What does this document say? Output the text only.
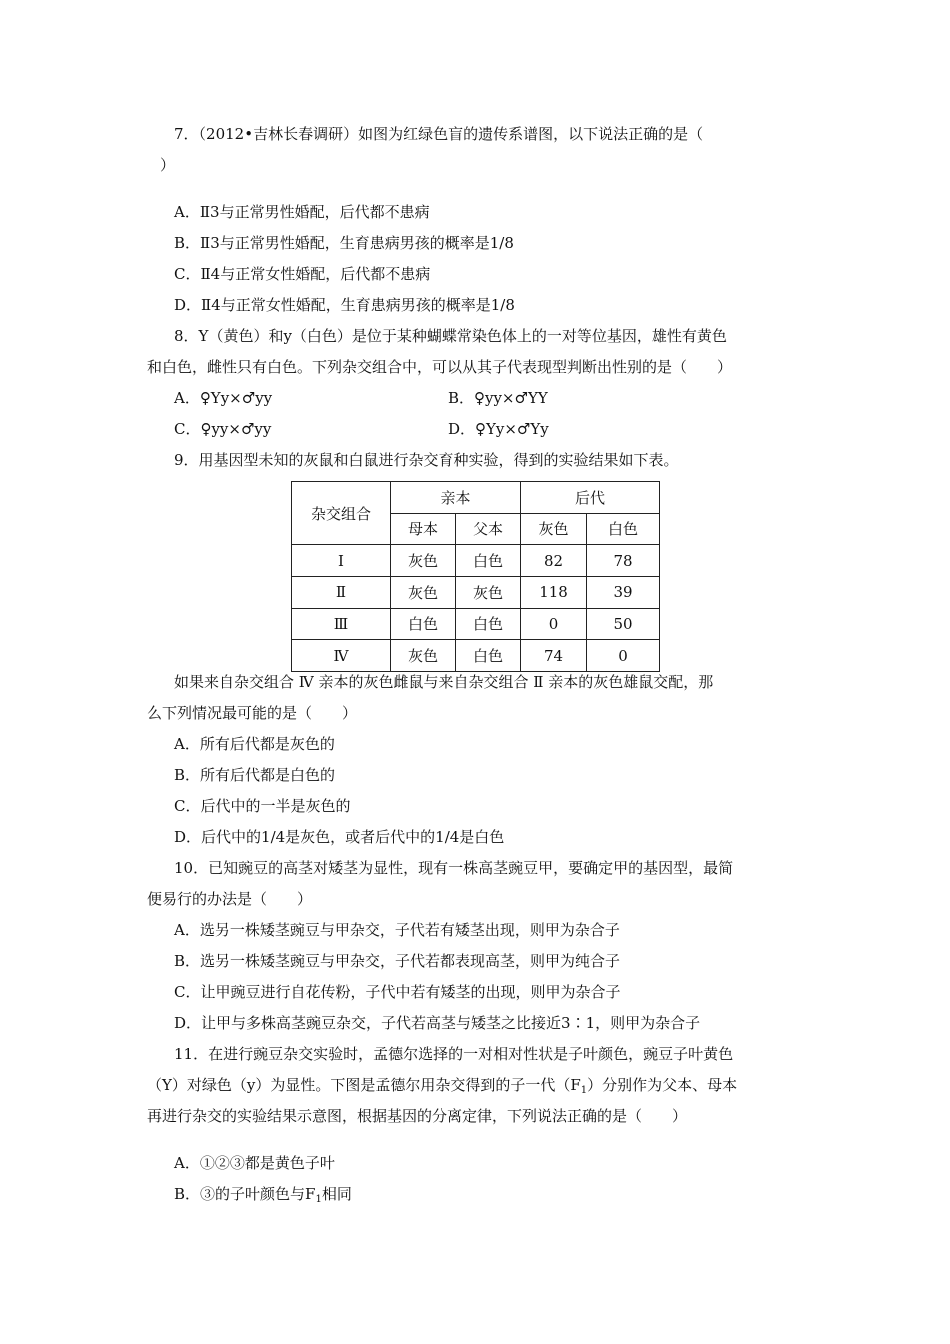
7．（2012•吉林长春调研）如图为红绿色盲的遗传系谱图，以下说法正确的是（
）
A．Ⅱ3与正常男性婚配，后代都不患病
B．Ⅱ3与正常男性婚配，生育患病男孩的概率是1/8
C．Ⅱ4与正常女性婚配，后代都不患病
D．Ⅱ4与正常女性婚配，生育患病男孩的概率是1/8
8．Y（黄色）和y（白色）是位于某种蝴蝶常染色体上的一对等位基因，雄性有黄色
和白色，雌性只有白色。下列杂交组合中，可以从其子代表现型判断出性别的是（　　）
A．♀Yy×♂yy	B．♀yy×♂YY
C．♀yy×♂yy	D．♀Yy×♂Yy
9．用基因型未知的灰鼠和白鼠进行杂交育种实验，得到的实验结果如下表。
杂交组合	亲本		后代	
	母本	父本	灰色	白色
Ⅰ	灰色	白色	82	78
Ⅱ	灰色	灰色	118	39
Ⅲ	白色	白色	0	50
Ⅳ	灰色	白色	74	0
如果来自杂交组合 Ⅳ 亲本的灰色雌鼠与来自杂交组合 Ⅱ 亲本的灰色雄鼠交配，那
么下列情况最可能的是（　　）
A．所有后代都是灰色的
B．所有后代都是白色的
C．后代中的一半是灰色的
D．后代中的1/4是灰色，或者后代中的1/4是白色
10．已知豌豆的高茎对矮茎为显性，现有一株高茎豌豆甲，要确定甲的基因型，最简
便易行的办法是（　　）
A．选另一株矮茎豌豆与甲杂交，子代若有矮茎出现，则甲为杂合子
B．选另一株矮茎豌豆与甲杂交，子代若都表现高茎，则甲为纯合子
C．让甲豌豆进行自花传粉，子代中若有矮茎的出现，则甲为杂合子
D．让甲与多株高茎豌豆杂交，子代若高茎与矮茎之比接近3∶1，则甲为杂合子
11．在进行豌豆杂交实验时，孟德尔选择的一对相对性状是子叶颜色，豌豆子叶黄色
（Y）对绿色（y）为显性。下图是孟德尔用杂交得到的子一代$(F_1)$分别作为父本、母本
再进行杂交的实验结果示意图，根据基因的分离定律，下列说法正确的是（　　）
A．①②③都是黄色子叶
B．③的子叶颜色与$F_1$相同
